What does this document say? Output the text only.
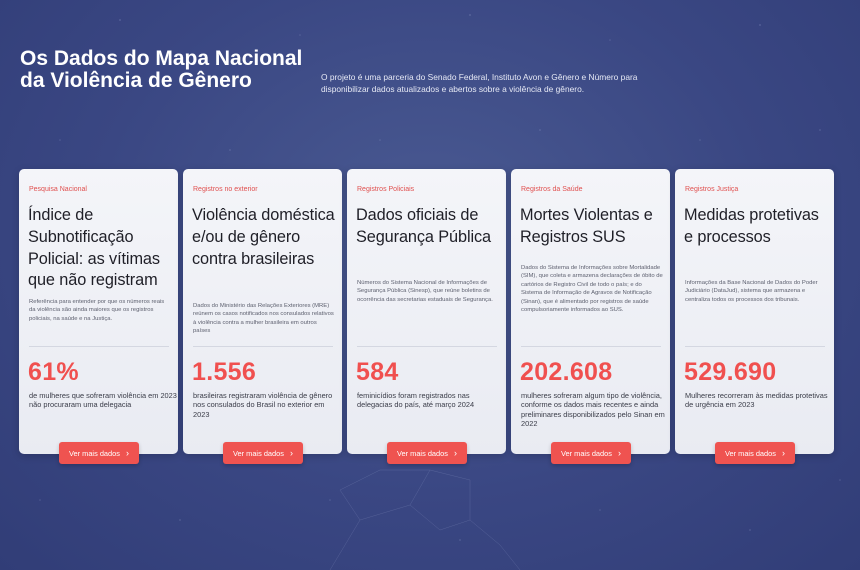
Os Dados do Mapa Nacional da Violência de Gênero	O projeto é uma parceria do Senado Federal, Instituto Avon e Gênero e Número para disponibilizar dados atualizados e abertos sobre a violência de gênero.
Pesquisa Nacional
Índice de Subnotificação Policial: as vítimas que não registram
Referência para entender por que os números reais da violência são ainda maiores que os registros policiais, na saúde e na Justiça.
61%
de mulheres que sofreram violência em 2023 não procuraram uma delegacia
Ver mais dados ›
Registros no exterior
Violência doméstica e/ou de gênero contra brasileiras
Dados do Ministério das Relações Exteriores (MRE) reúnem os casos notificados nos consulados relativos à violência contra a mulher brasileira em outros países
1.556
brasileiras registraram violência de gênero nos consulados do Brasil no exterior em 2023
Ver mais dados ›
Registros Policiais
Dados oficiais de Segurança Pública
Números do Sistema Nacional de Informações de Segurança Pública (Sinesp), que reúne boletins de ocorrência das secretarias estaduais de Segurança.
584
feminicídios foram registrados nas delegacias do país, até março 2024
Ver mais dados ›
Registros da Saúde
Mortes Violentas e Registros SUS
Dados do Sistema de Informações sobre Mortalidade (SIM), que coleta e armazena declarações de óbito de cartórios de Registro Civil de todo o país; e do Sistema de Informação de Agravos de Notificação (Sinan), que é alimentado por registros de saúde compulsoriamente informados ao SUS.
202.608
mulheres sofreram algum tipo de violência, conforme os dados mais recentes e ainda preliminares disponibilizados pelo Sinan em 2022
Ver mais dados ›
Registros Justiça
Medidas protetivas e processos
Informações da Base Nacional de Dados do Poder Judiciário (DataJud), sistema que armazena e centraliza todos os processos dos tribunais.
529.690
Mulheres recorreram às medidas protetivas de urgência em 2023
Ver mais dados ›
